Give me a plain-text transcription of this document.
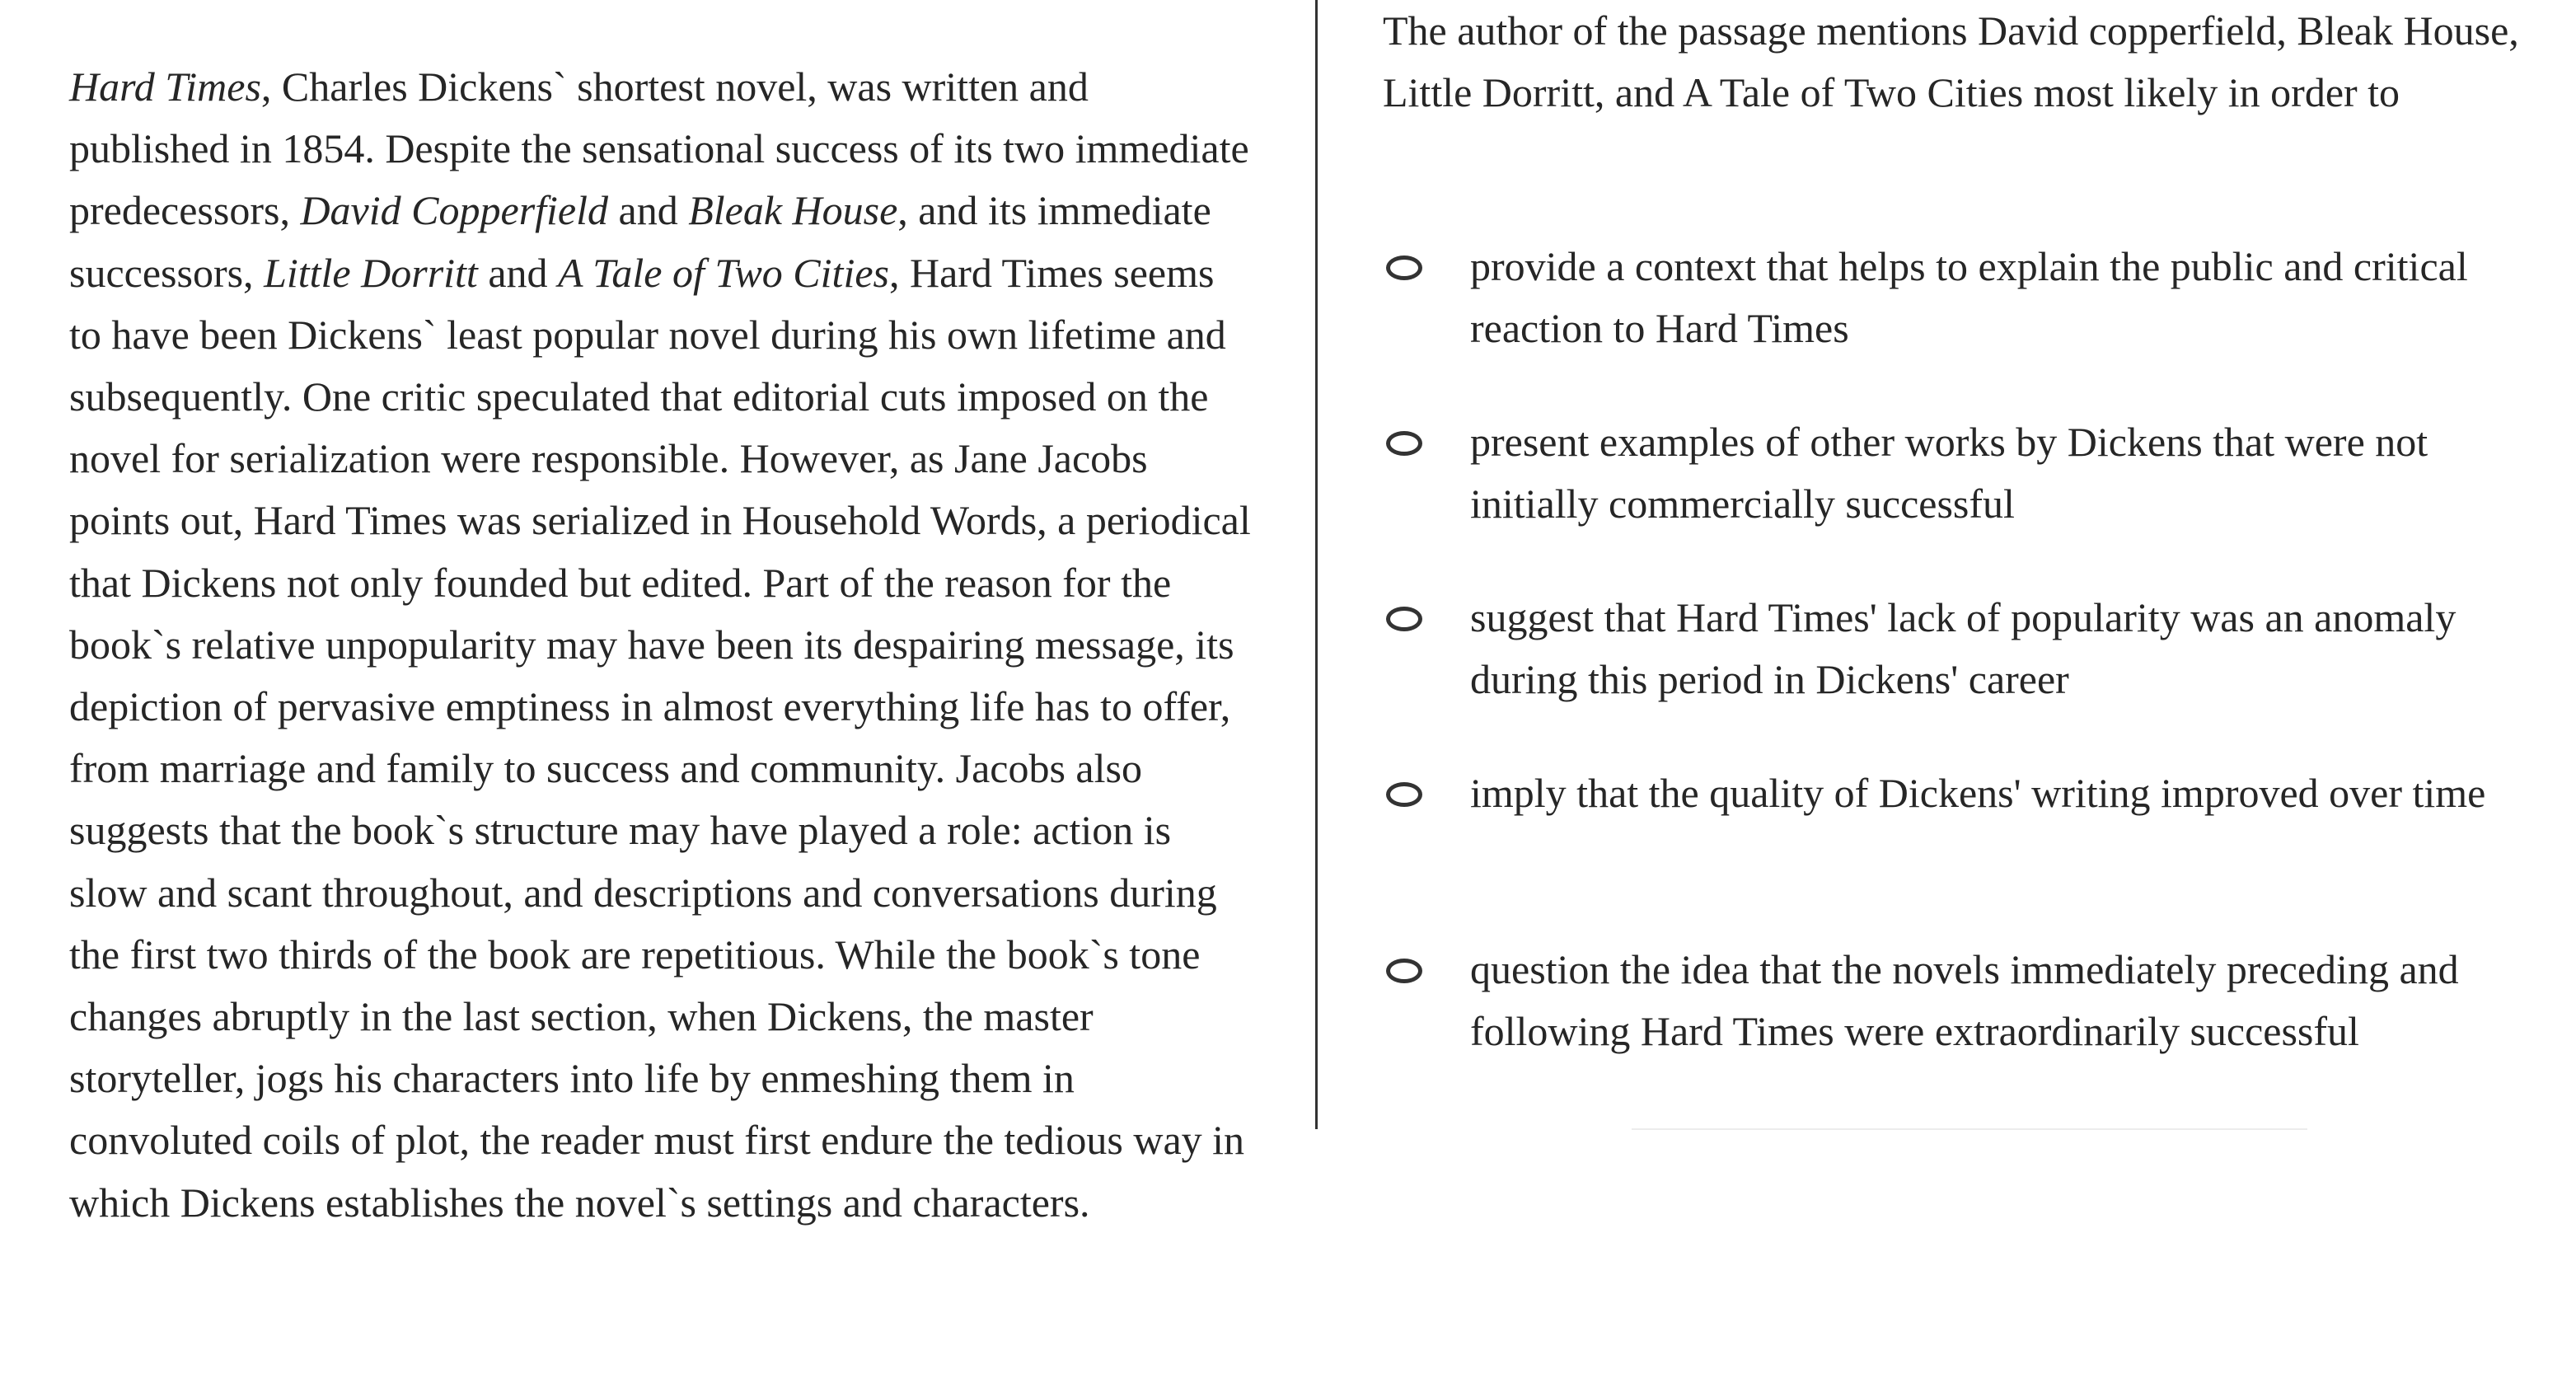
Hard Times, Charles Dickens` shortest novel, was written and published in 1854. Despite the sensational success of its two immediate predecessors, David Copperfield and Bleak House, and its immediate successors, Little Dorritt and A Tale of Two Cities, Hard Times seems to have been Dickens` least popular novel during his own lifetime and subsequently. One critic speculated that editorial cuts imposed on the novel for serialization were responsible. However, as Jane Jacobs points out, Hard Times was serialized in Household Words, a periodical that Dickens not only founded but edited. Part of the reason for the book`s relative unpopularity may have been its despairing message, its depiction of pervasive emptiness in almost everything life has to offer, from marriage and family to success and community. Jacobs also suggests that the book`s structure may have played a role: action is slow and scant throughout, and descriptions and conversations during the first two thirds of the book are repetitious. While the book`s tone changes abruptly in the last section, when Dickens, the master storyteller, jogs his characters into life by enmeshing them in convoluted coils of plot, the reader must first endure the tedious way in which Dickens establishes the novel`s settings and characters.

The author of the passage mentions David copperfield, Bleak House, Little Dorritt, and A Tale of Two Cities most likely in order to

provide a context that helps to explain the public and critical reaction to Hard Times
present examples of other works by Dickens that were not initially commercially successful
suggest that Hard Times' lack of popularity was an anomaly during this period in Dickens' career
imply that the quality of Dickens' writing improved over time
question the idea that the novels immediately preceding and following Hard Times were extraordinarily successful
